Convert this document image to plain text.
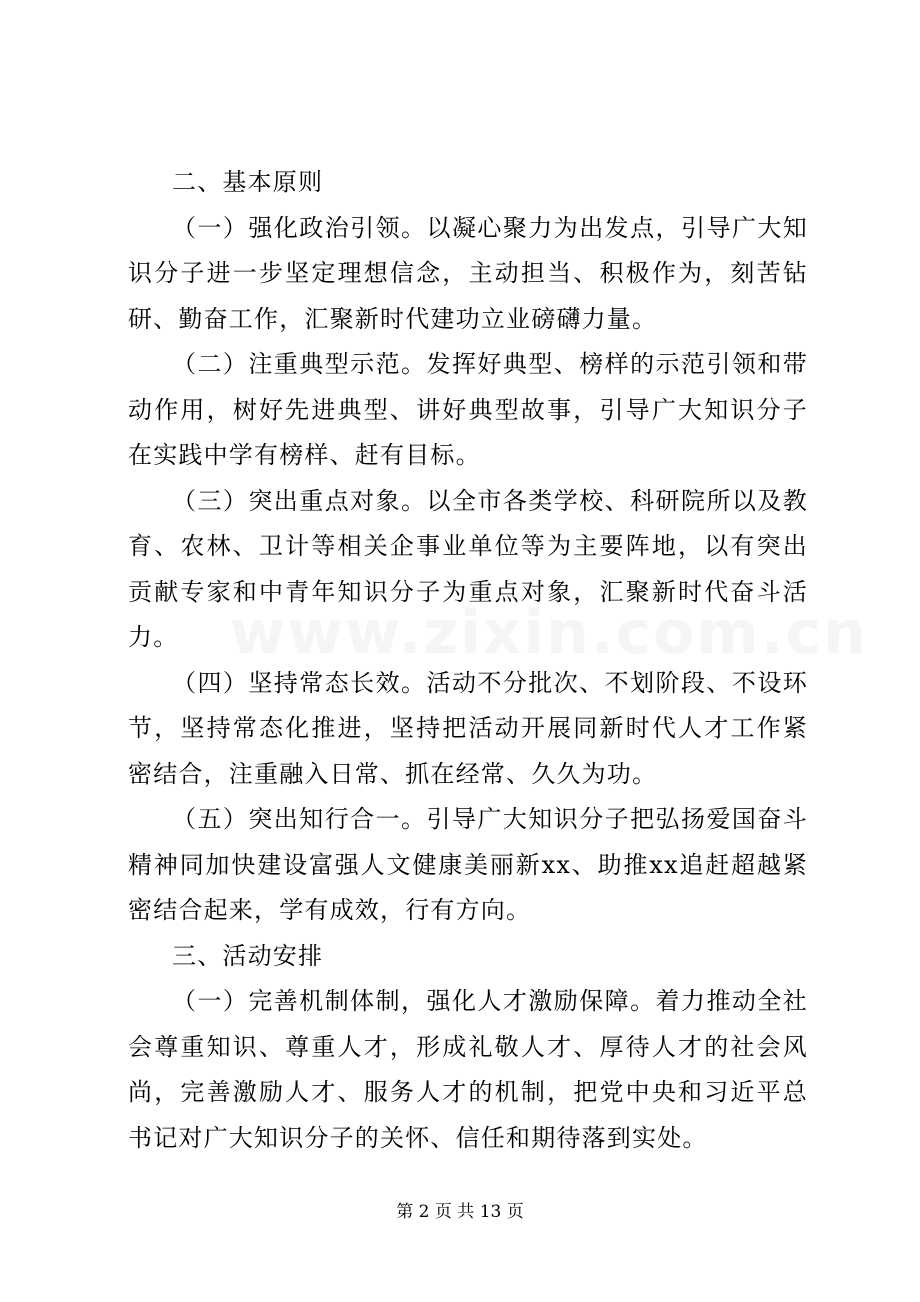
www.zixin.com.cn

二、基本原则

（一）强化政治引领。以凝心聚力为出发点，引导广大知识分子进一步坚定理想信念，主动担当、积极作为，刻苦钻研、勤奋工作，汇聚新时代建功立业磅礴力量。

（二）注重典型示范。发挥好典型、榜样的示范引领和带动作用，树好先进典型、讲好典型故事，引导广大知识分子在实践中学有榜样、赶有目标。

（三）突出重点对象。以全市各类学校、科研院所以及教育、农林、卫计等相关企事业单位等为主要阵地，以有突出贡献专家和中青年知识分子为重点对象，汇聚新时代奋斗活力。

（四）坚持常态长效。活动不分批次、不划阶段、不设环节，坚持常态化推进，坚持把活动开展同新时代人才工作紧密结合，注重融入日常、抓在经常、久久为功。

（五）突出知行合一。引导广大知识分子把弘扬爱国奋斗精神同加快建设富强人文健康美丽新xx、助推xx追赶超越紧密结合起来，学有成效，行有方向。

三、活动安排

（一）完善机制体制，强化人才激励保障。着力推动全社会尊重知识、尊重人才，形成礼敬人才、厚待人才的社会风尚，完善激励人才、服务人才的机制，把党中央和习近平总书记对广大知识分子的关怀、信任和期待落到实处。

第 2 页 共 13 页
